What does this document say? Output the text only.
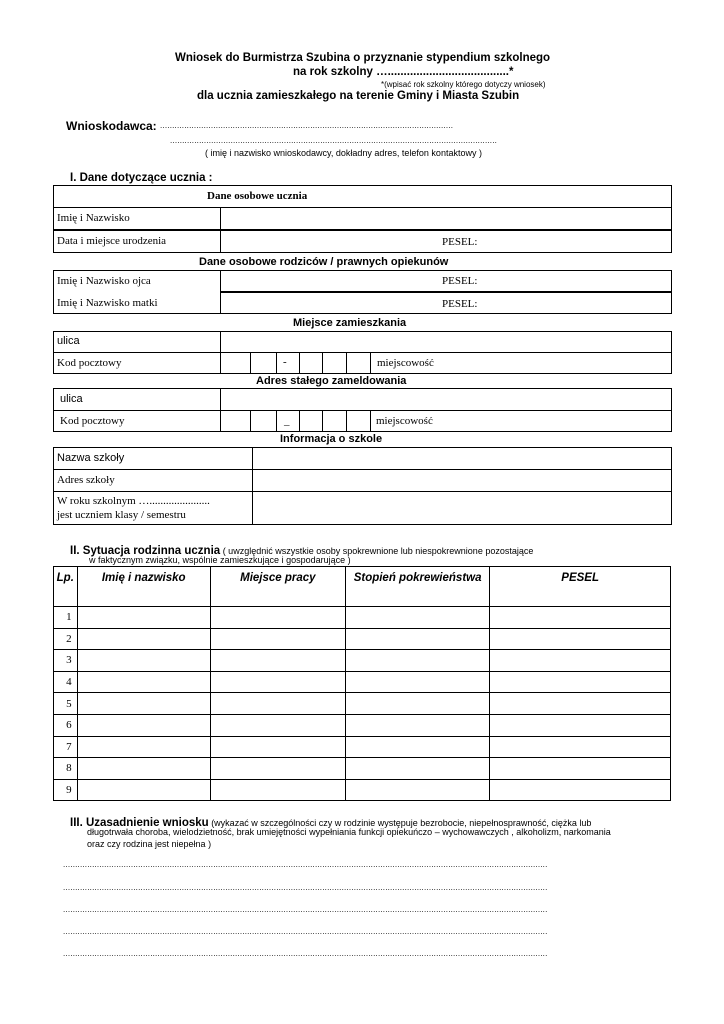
Wniosek do Burmistrza Szubina o przyznanie stypendium szkolnego
na rok szkolny …......................................*
*(wpisać rok szkolny którego dotyczy wniosek)
dla ucznia zamieszkałego na terenie Gminy i Miasta Szubin
Wnioskodawca: .........................................................................................................................
.......................................................................................................................................
( imię i nazwisko wnioskodawcy, dokładny adres, telefon kontaktowy )
I. Dane dotyczące ucznia :
Dane osobowe ucznia
Imię i Nazwisko
Data i miejsce urodzenia	PESEL:
Dane osobowe rodziców / prawnych opiekunów
Imię i Nazwisko ojca	PESEL:
Imię i Nazwisko matki	PESEL:
Miejsce zamieszkania
ulica
Kod pocztowy	-	miejscowość
Adres stałego zameldowania
ulica
Kod pocztowy	_	miejscowość
Informacja o szkole
Nazwa szkoły
Adres szkoły
W roku szkolnym …......................
jest uczniem klasy / semestru
II. Sytuacja rodzinna ucznia ( uwzględnić wszystkie osoby spokrewnione lub niespokrewnione pozostające
w faktycznym związku, wspólnie zamieszkujące i gospodarujące )
Lp.	Imię i nazwisko	Miejsce pracy	Stopień pokrewieństwa	PESEL
1				
2				
3				
4				
5				
6				
7				
8				
9				
III. Uzasadnienie wniosku (wykazać w szczególności czy w rodzinie występuje bezrobocie, niepełnosprawność, ciężka lub
długotrwała choroba, wielodzietność, brak umiejętności wypełniania funkcji opiekuńczo – wychowawczych , alkoholizm, narkomania
oraz czy rodzina jest niepełna )
........................................................................................................................................................................................................
........................................................................................................................................................................................................
........................................................................................................................................................................................................
........................................................................................................................................................................................................
........................................................................................................................................................................................................
